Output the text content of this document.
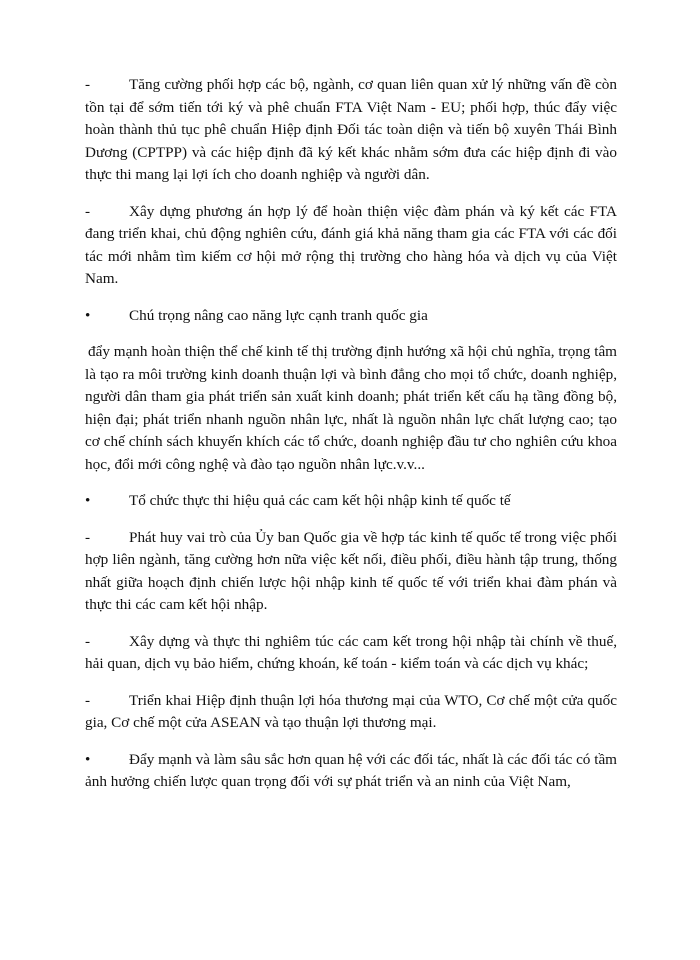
-	Tăng cường phối hợp các bộ, ngành, cơ quan liên quan xử lý những vấn đề còn tồn tại để sớm tiến tới ký và phê chuẩn FTA Việt Nam - EU; phối hợp, thúc đẩy việc hoàn thành thủ tục phê chuẩn Hiệp định Đối tác toàn diện và tiến bộ xuyên Thái Bình Dương (CPTPP) và các hiệp định đã ký kết khác nhằm sớm đưa các hiệp định đi vào thực thi mang lại lợi ích cho doanh nghiệp và người dân.

-	Xây dựng phương án hợp lý để hoàn thiện việc đàm phán và ký kết các FTA đang triển khai, chủ động nghiên cứu, đánh giá khả năng tham gia các FTA với các đối tác mới nhằm tìm kiếm cơ hội mở rộng thị trường cho hàng hóa và dịch vụ của Việt Nam.

•	Chú trọng nâng cao năng lực cạnh tranh quốc gia

đẩy mạnh hoàn thiện thể chế kinh tế thị trường định hướng xã hội chủ nghĩa, trọng tâm là tạo ra môi trường kinh doanh thuận lợi và bình đẳng cho mọi tổ chức, doanh nghiệp, người dân tham gia phát triển sản xuất kinh doanh; phát triển kết cấu hạ tầng đồng bộ, hiện đại; phát triển nhanh nguồn nhân lực, nhất là nguồn nhân lực chất lượng cao; tạo cơ chế chính sách khuyến khích các tổ chức, doanh nghiệp đầu tư cho nghiên cứu khoa học, đổi mới công nghệ và đào tạo nguồn nhân lực.v.v...

•	Tổ chức thực thi hiệu quả các cam kết hội nhập kinh tế quốc tế

-	Phát huy vai trò của Ủy ban Quốc gia về hợp tác kinh tế quốc tế trong việc phối hợp liên ngành, tăng cường hơn nữa việc kết nối, điều phối, điều hành tập trung, thống nhất giữa hoạch định chiến lược hội nhập kinh tế quốc tế với triển khai đàm phán và thực thi các cam kết hội nhập.

-	Xây dựng và thực thi nghiêm túc các cam kết trong hội nhập tài chính về thuế, hải quan, dịch vụ bảo hiểm, chứng khoán, kế toán - kiểm toán và các dịch vụ khác;

-	Triển khai Hiệp định thuận lợi hóa thương mại của WTO, Cơ chế một cửa quốc gia, Cơ chế một cửa ASEAN và tạo thuận lợi thương mại.

•	Đẩy mạnh và làm sâu sắc hơn quan hệ với các đối tác, nhất là các đối tác có tầm ảnh hưởng chiến lược quan trọng đối với sự phát triển và an ninh của Việt Nam,
